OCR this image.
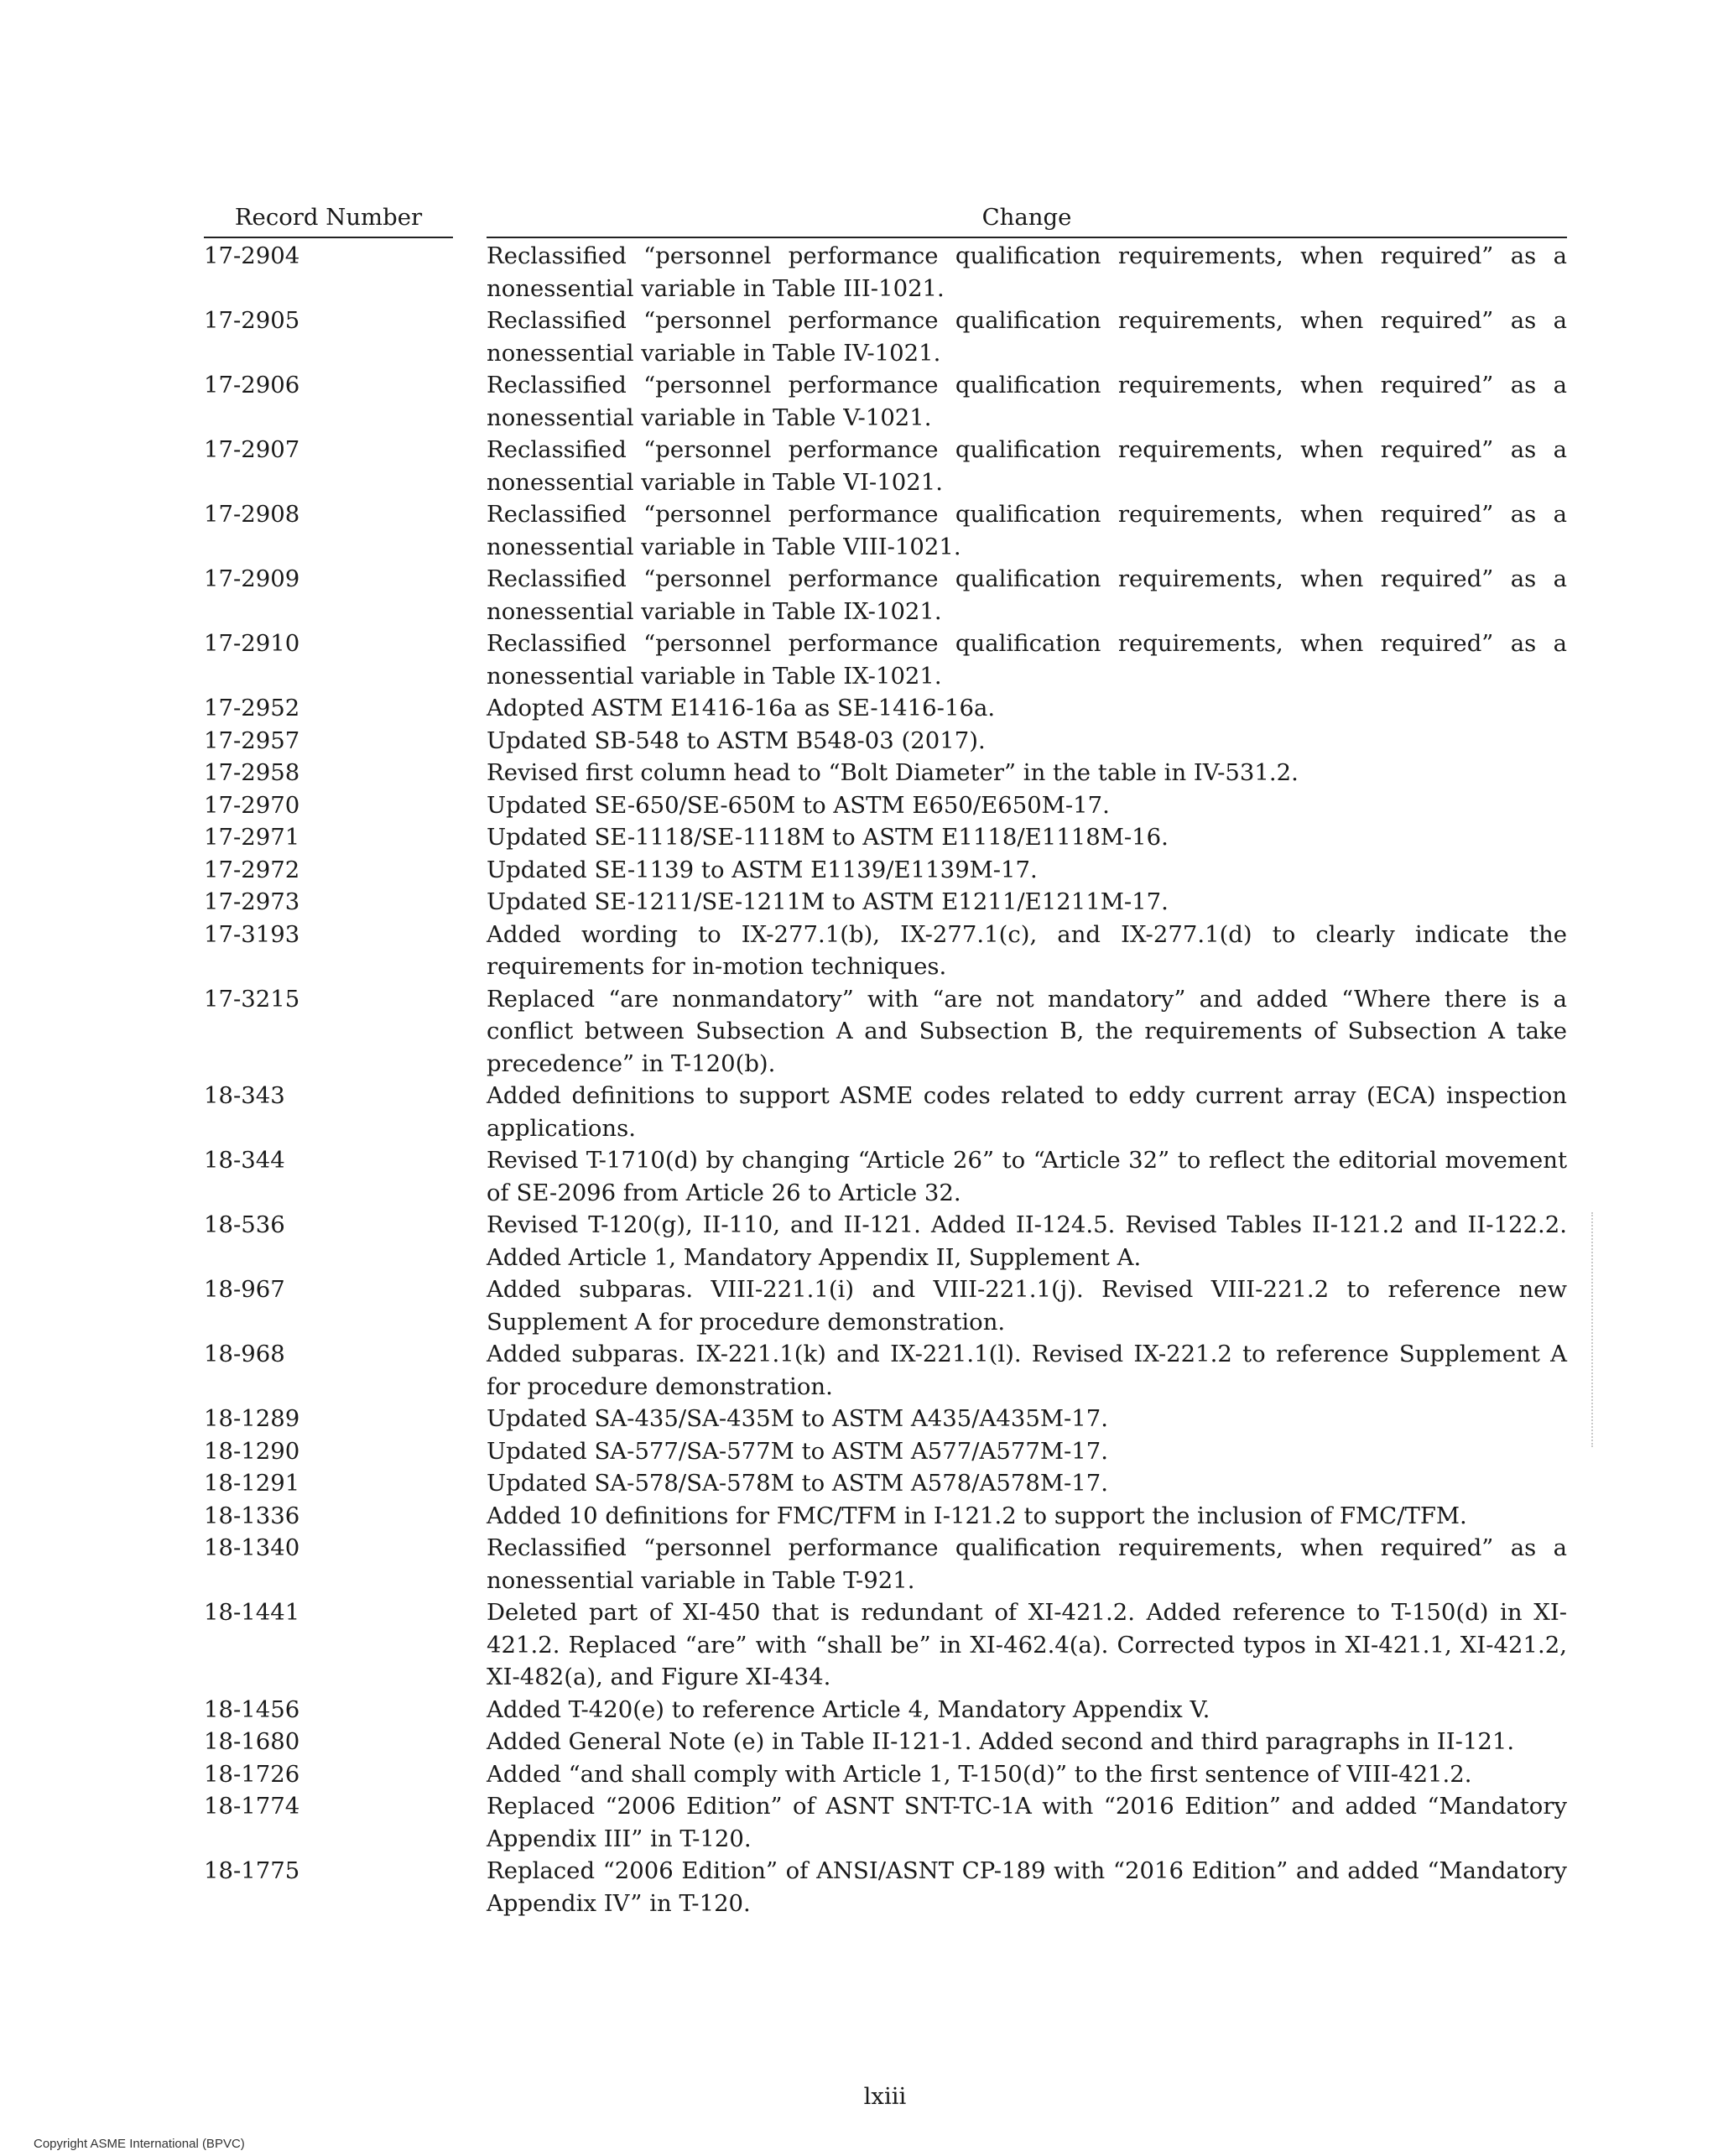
Record Number	Change
17-2904	Reclassified “personnel performance qualification requirements, when required” as a nonessential variable in Table III-1021.
17-2905	Reclassified “personnel performance qualification requirements, when required” as a nonessential variable in Table IV-1021.
17-2906	Reclassified “personnel performance qualification requirements, when required” as a nonessential variable in Table V-1021.
17-2907	Reclassified “personnel performance qualification requirements, when required” as a nonessential variable in Table VI-1021.
17-2908	Reclassified “personnel performance qualification requirements, when required” as a nonessential variable in Table VIII-1021.
17-2909	Reclassified “personnel performance qualification requirements, when required” as a nonessential variable in Table IX-1021.
17-2910	Reclassified “personnel performance qualification requirements, when required” as a nonessential variable in Table IX-1021.
17-2952	Adopted ASTM E1416-16a as SE-1416-16a.
17-2957	Updated SB-548 to ASTM B548-03 (2017).
17-2958	Revised first column head to “Bolt Diameter” in the table in IV-531.2.
17-2970	Updated SE-650/SE-650M to ASTM E650/E650M-17.
17-2971	Updated SE-1118/SE-1118M to ASTM E1118/E1118M-16.
17-2972	Updated SE-1139 to ASTM E1139/E1139M-17.
17-2973	Updated SE-1211/SE-1211M to ASTM E1211/E1211M-17.
17-3193	Added wording to IX-277.1(b), IX-277.1(c), and IX-277.1(d) to clearly indicate the requirements for in-motion techniques.
17-3215	Replaced “are nonmandatory” with “are not mandatory” and added “Where there is a conflict between Subsection A and Subsection B, the requirements of Subsection A take precedence” in T-120(b).
18-343	Added definitions to support ASME codes related to eddy current array (ECA) inspection applications.
18-344	Revised T-1710(d) by changing “Article 26” to “Article 32” to reflect the editorial movement of SE-2096 from Article 26 to Article 32.
18-536	Revised T-120(g), II-110, and II-121. Added II-124.5. Revised Tables II-121.2 and II-122.2. Added Article 1, Mandatory Appendix II, Supplement A.
18-967	Added subparas. VIII-221.1(i) and VIII-221.1(j). Revised VIII-221.2 to reference new Supplement A for procedure demonstration.
18-968	Added subparas. IX-221.1(k) and IX-221.1(l). Revised IX-221.2 to reference Supplement A for procedure demonstration.
18-1289	Updated SA-435/SA-435M to ASTM A435/A435M-17.
18-1290	Updated SA-577/SA-577M to ASTM A577/A577M-17.
18-1291	Updated SA-578/SA-578M to ASTM A578/A578M-17.
18-1336	Added 10 definitions for FMC/TFM in I-121.2 to support the inclusion of FMC/TFM.
18-1340	Reclassified “personnel performance qualification requirements, when required” as a nonessential variable in Table T-921.
18-1441	Deleted part of XI-450 that is redundant of XI-421.2. Added reference to T-150(d) in XI-421.2. Replaced “are” with “shall be” in XI-462.4(a). Corrected typos in XI-421.1, XI-421.2, XI-482(a), and Figure XI-434.
18-1456	Added T-420(e) to reference Article 4, Mandatory Appendix V.
18-1680	Added General Note (e) in Table II-121-1. Added second and third paragraphs in II-121.
18-1726	Added “and shall comply with Article 1, T-150(d)” to the first sentence of VIII-421.2.
18-1774	Replaced “2006 Edition” of ASNT SNT-TC-1A with “2016 Edition” and added “Mandatory Appendix III” in T-120.
18-1775	Replaced “2006 Edition” of ANSI/ASNT CP-189 with “2016 Edition” and added “Mandatory Appendix IV” in T-120.
lxiii
Copyright ASME International (BPVC)
